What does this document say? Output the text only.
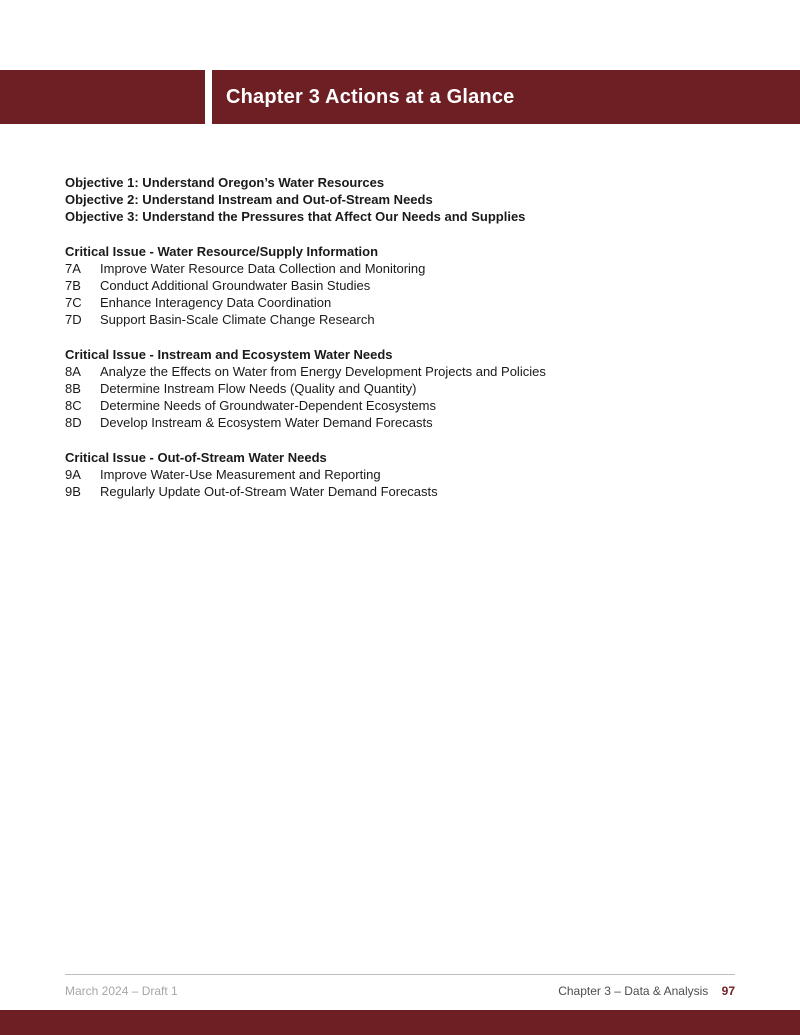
Chapter 3 Actions at a Glance

Objective 1: Understand Oregon’s Water Resources

Objective 2: Understand Instream and Out-of-Stream Needs

Objective 3: Understand the Pressures that Affect Our Needs and Supplies

Critical Issue - Water Resource/Supply Information
7A	Improve Water Resource Data Collection and Monitoring
7B	Conduct Additional Groundwater Basin Studies
7C	Enhance Interagency Data Coordination
7D	Support Basin-Scale Climate Change Research
Critical Issue - Instream and Ecosystem Water Needs
8A	Analyze the Effects on Water from Energy Development Projects and Policies
8B	Determine Instream Flow Needs (Quality and Quantity)
8C	Determine Needs of Groundwater-Dependent Ecosystems
8D	Develop Instream & Ecosystem Water Demand Forecasts
Critical Issue - Out-of-Stream Water Needs
9A	Improve Water-Use Measurement and Reporting
9B	Regularly Update Out-of-Stream Water Demand Forecasts
March 2024 – Draft 1	Chapter 3 – Data & Analysis 97
